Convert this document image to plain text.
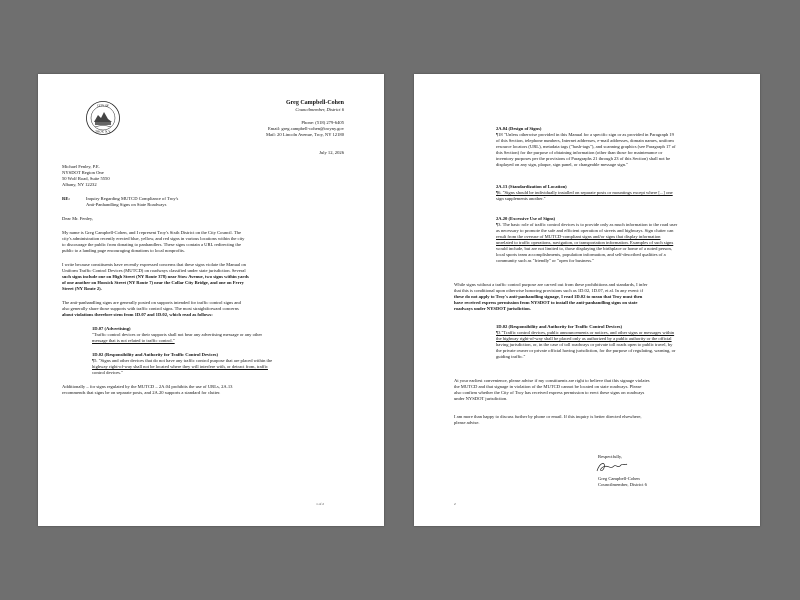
CITY OF
TROY, N.Y.
Greg Campbell-Cohen
Councilmember, District 6
Phone: (518) 279-6405
Email: greg.campbell-cohen@troyny.gov
Mail: 20 Lincoln Avenue, Troy, NY 12180
July 12, 2026
Michael Fenley, P.E.
NYSDOT Region One
50 Wolf Road, Suite 5550
Albany, NY 12232
RE:	Inquiry Regarding MUTCD Compliance of Troy's
Anti-Panhandling Signs on State Roadways
Dear Mr. Fenley,
My name is Greg Campbell-Cohen, and I represent Troy's Sixth District on the City Council. The
city's administration recently erected blue, yellow, and red signs in various locations within the city
to discourage the public from donating to panhandlers. These signs contain a URL redirecting the
public to a landing page encouraging donations to local nonprofits.
I write because constituents have recently expressed concerns that these signs violate the Manual on
Uniform Traffic Control Devices (MUTCD) on roadways classified under state jurisdiction. Several
such signs include one on High Street (NY Route 378) near Stow Avenue, two signs within yards
of one another on Hoosick Street (NY Route 7) near the Collar City Bridge, and one on Ferry
Street (NY Route 2).
The anti-panhandling signs are generally posted on supports intended for traffic control signs and
also generally share those supports with traffic control signs. The most straightforward concerns
about violations therefore stem from 1D.07 and 1D.02, which read as follows:
1D.07 (Advertising)
"Traffic control devices or their supports shall not bear any advertising message or any other
message that is not related to traffic control."
1D.02 (Responsibility and Authority for Traffic Control Devices)
¶5. "Signs and other devices that do not have any traffic control purpose that are placed within the
highway right-of-way shall not be located where they will interfere with, or detract from, traffic
control devices."
Additionally – for signs regulated by the MUTCD – 2A.04 prohibits the use of URLs, 2A.13
recommends that signs be on separate posts, and 2A.20 supports a standard for clutter.
1 of 2
2A.04 (Design of Signs)
¶18 "Unless otherwise provided in this Manual for a specific sign or as provided in Paragraph 19
of this Section, telephone numbers, Internet addresses, e-mail addresses, domain names, uniform
resource locators (URL), metadata tags ("hash-tags"), and scanning graphics (see Paragraph 17 of
this Section) for the purpose of obtaining information (other than those for maintenance or
inventory purposes per the provisions of Paragraphs 21 through 23 of this Section) shall not be
displayed on any sign, plaque, sign panel, or changeable message sign."
2A.13 (Standardization of Location)
¶6. "Signs should be individually installed on separate posts or mountings except where [...] one
sign supplements another."
2A.20 (Excessive Use of Signs)
¶3. The basic role of traffic control devices is to provide only as much information to the road user
as necessary to promote the safe and efficient operation of streets and highways. Sign clutter can
result from the overuse of MUTCD-compliant signs and/or signs that display information
unrelated to traffic operations, navigation, or transportation information. Examples of such signs
would include, but are not limited to, those displaying the birthplace or home of a noted person,
local sports team accomplishments, population information, and self-described qualities of a
community such as "friendly" or "open for business."
While signs without a traffic control purpose are carved out from these prohibitions and standards, I infer
that this is conditional upon otherwise honoring provisions such as 1D.02, 1D.07, et al. In any event: if
these do not apply to Troy's anti-panhandling signage, I read 1D.02 to mean that Troy must then
have received express permission from NYSDOT to install the anti-panhandling signs on state
roadways under NYSDOT jurisdiction.
1D.02 (Responsibility and Authority for Traffic Control Devices)
¶3 "Traffic control devices, public announcements or notices, and other signs or messages within
the highway right-of-way shall be placed only as authorized by a public authority or the official
having jurisdiction, or, in the case of toll roadways or private toll roads open to public travel, by
the private owner or private official having jurisdiction, for the purpose of regulating, warning, or
guiding traffic."
At your earliest convenience, please advise if my constituents are right to believe that this signage violates
the MUTCD and that signage in violation of the MUTCD cannot be located on state roadways. Please
also confirm whether the City of Troy has received express permission to erect these signs on roadways
under NYSDOT jurisdiction.
I am more than happy to discuss further by phone or email. If this inquiry is better directed elsewhere,
please advise.
Respectfully,
Greg Campbell-Cohen
Councilmember, District 6
2
